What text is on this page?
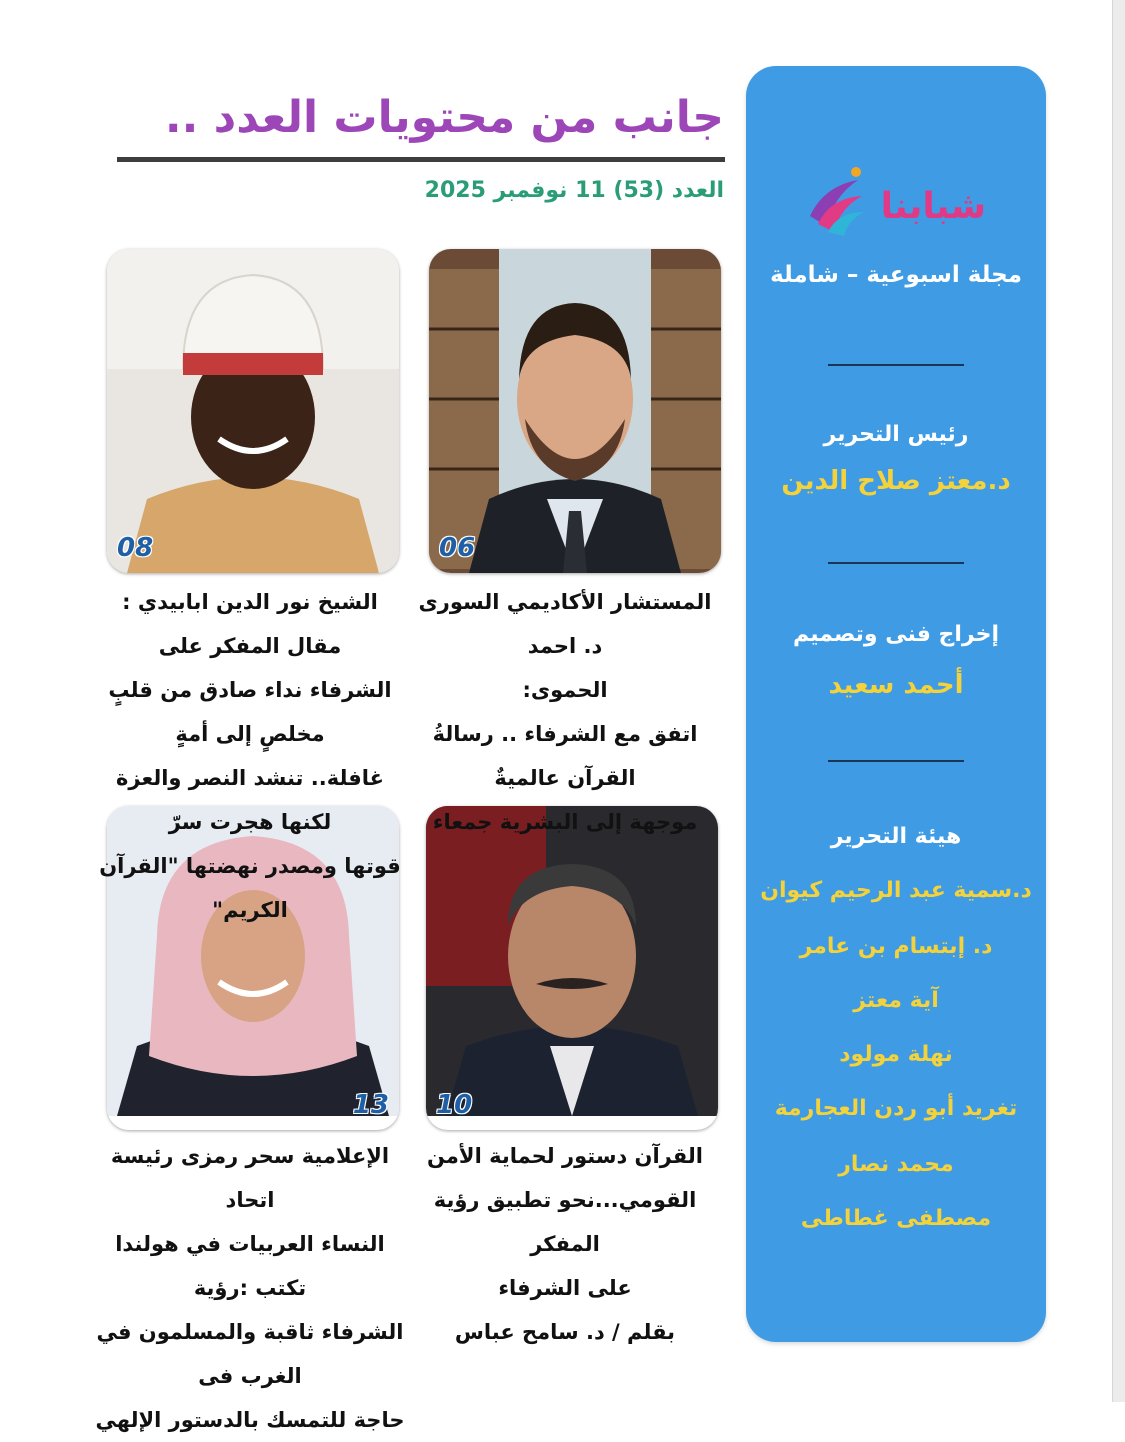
شبابنا
مجلة اسبوعية – شاملة
رئيس التحرير
د.معتز صلاح الدين
إخراج فنى وتصميم
أحمد سعيد
هيئة التحرير
د.سمية عبد الرحيم كيوان
د. إبتسام بن عامر
آية معتز
نهلة مولود
تغريد أبو ردن العجارمة
محمد نصار
مصطفى غطاطى
جانب من محتويات العدد ..
العدد (53) 11 نوفمبر 2025
06
08
10
13
المستشار الأكاديمي السورى د. احمد
الحموى:
اتفق مع الشرفاء .. رسالةُ القرآن عالميةٌ
موجهة إلى البشرية جمعاء
الشيخ نور الدين ابابيدي : مقال المفكر على
الشرفاء نداء صادق من قلبٍ مخلصٍ إلى أمةٍ
غافلة.. تنشد النصر والعزة لكنها هجرت سرّ
قوتها ومصدر نهضتها "القرآن الكريم"
القرآن دستور لحماية الأمن
القومي...نحو تطبيق رؤية المفكر
على الشرفاء
بقلم / د. سامح عباس
الإعلامية سحر رمزى رئيسة اتحاد
النساء العربيات في هولندا تكتب :رؤية
الشرفاء ثاقبة والمسلمون في الغرب فى
حاجة للتمسك بالدستور الإلهي
